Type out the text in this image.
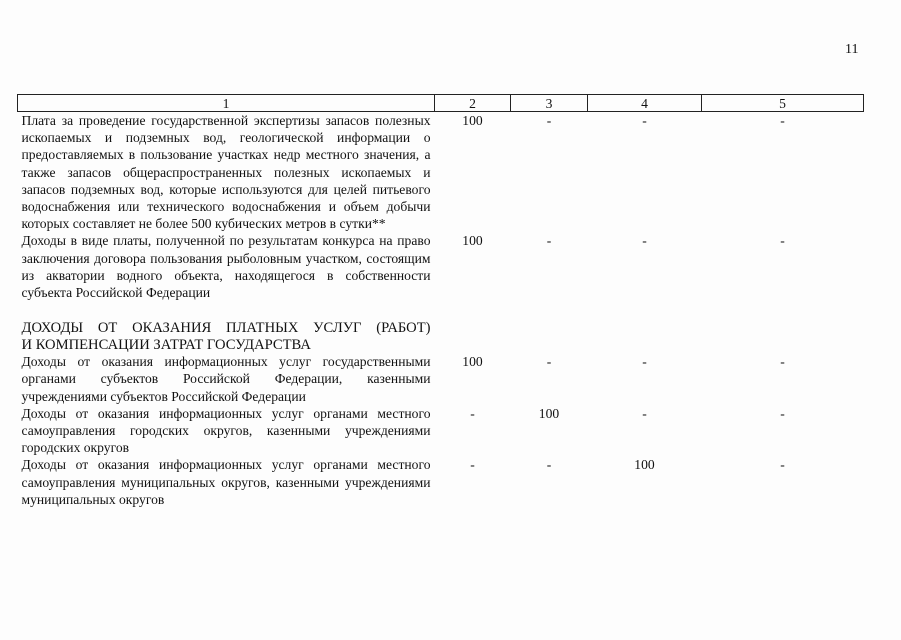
11
1	2	3	4	5
Плата за проведение государственной экспертизы запасов полезных ископаемых и подземных вод, геологической информации о предоставляемых в пользование участках недр местного значения, а также запасов общераспространенных полезных ископаемых и запасов подземных вод, которые используются для целей питьевого водоснабжения или технического водоснабжения и объем добычи которых составляет не более 500 кубических метров в сутки**	100	-	-	-
Доходы в виде платы, полученной по результатам конкурса на право заключения договора пользования рыболовным участком, состоящим из акватории водного объекта, находящегося в собственности субъекта Российской Федерации	100	-	-	-
ДОХОДЫ ОТ ОКАЗАНИЯ ПЛАТНЫХ УСЛУГ (РАБОТ)
И КОМПЕНСАЦИИ ЗАТРАТ ГОСУДАРСТВА				

Доходы от оказания информационных услуг государственными органами субъектов Российской Федерации, казенными учреждениями субъектов Российской Федерации	100	-	-	-
Доходы от оказания информационных услуг органами местного самоуправления городских округов, казенными учреждениями городских округов	-	100	-	-
Доходы от оказания информационных услуг органами местного самоуправления муниципальных округов, казенными учреждениями муниципальных округов	-	-	100	-
